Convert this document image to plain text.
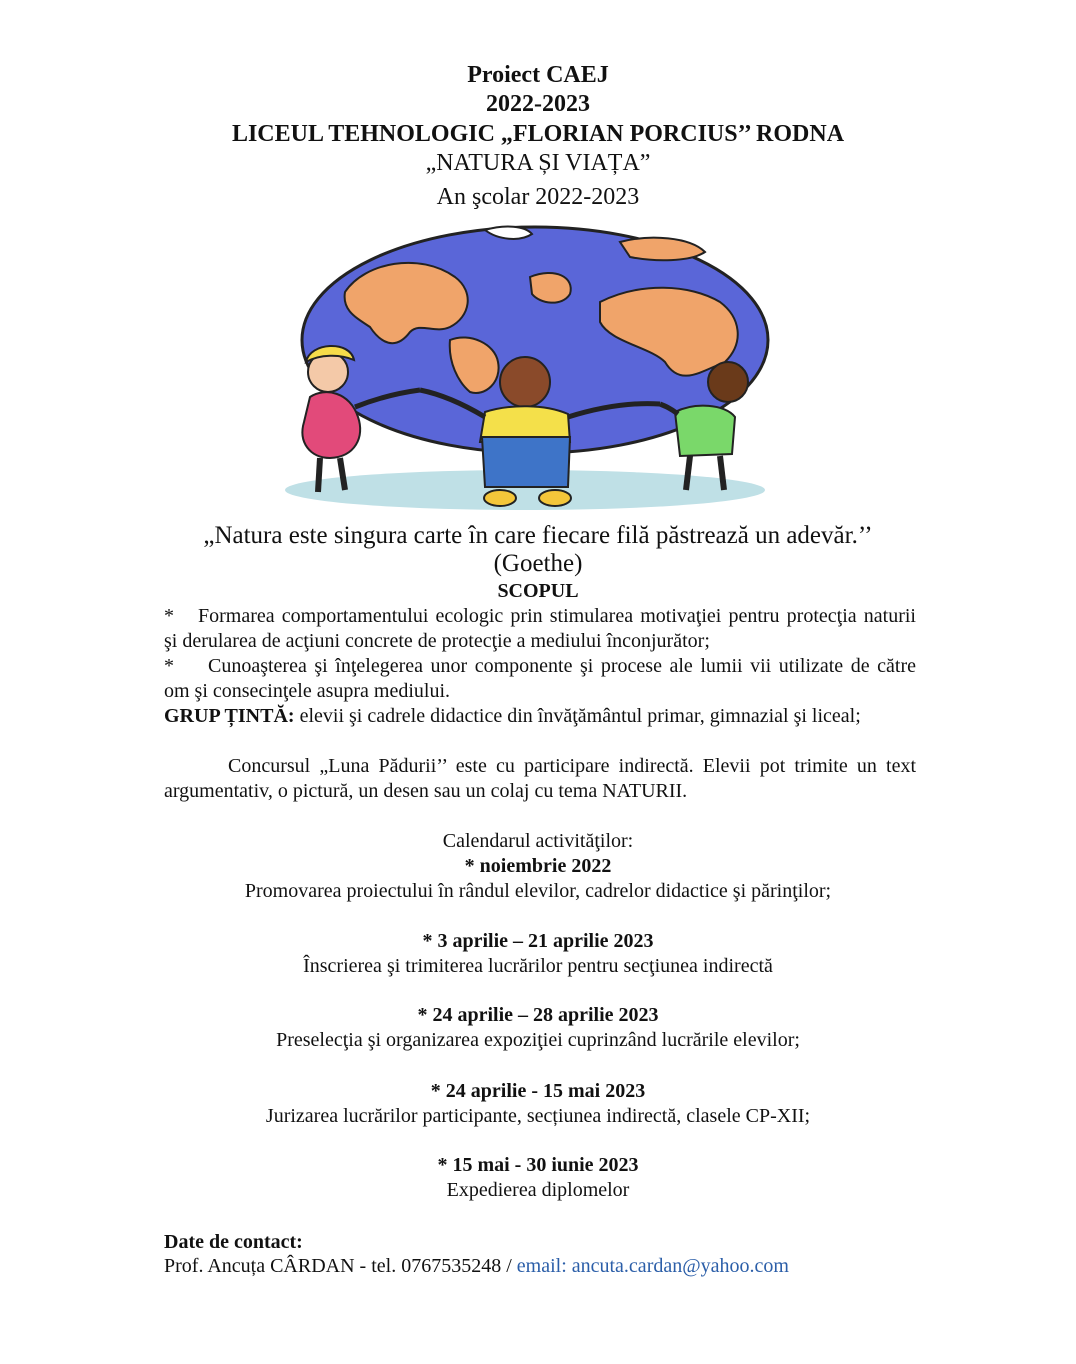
Proiect CAEJ
2022-2023
LICEUL TEHNOLOGIC „FLORIAN PORCIUS’’ RODNA
„NATURA ȘI VIAȚA”
An şcolar 2022-2023
„Natura este singura carte în care fiecare filă păstrează un adevăr.’’
(Goethe)
SCOPUL
* Formarea comportamentului ecologic prin stimularea motivaţiei pentru protecţia naturii şi derularea de acţiuni concrete de protecţie a mediului înconjurător;
* Cunoaşterea şi înţelegerea unor componente şi procese ale lumii vii utilizate de către om şi consecinţele asupra mediului.
GRUP ȚINTĂ: elevii şi cadrele didactice din învăţământul primar, gimnazial şi liceal;
Concursul „Luna Pădurii’’ este cu participare indirectă. Elevii pot trimite un text argumentativ, o pictură, un desen sau un colaj cu tema NATURII.
Calendarul activităţilor:
* noiembrie 2022
Promovarea proiectului în rândul elevilor, cadrelor didactice şi părinţilor;
* 3 aprilie – 21 aprilie 2023
Înscrierea şi trimiterea lucrărilor pentru secţiunea indirectă
* 24 aprilie – 28 aprilie 2023
Preselecţia şi organizarea expoziţiei cuprinzând lucrările elevilor;
* 24 aprilie - 15 mai 2023
Jurizarea lucrărilor participante, secțiunea indirectă, clasele CP-XII;
* 15 mai - 30 iunie 2023
Expedierea diplomelor
Date de contact:
Prof. Ancuța CÂRDAN - tel. 0767535248 / email: ancuta.cardan@yahoo.com
